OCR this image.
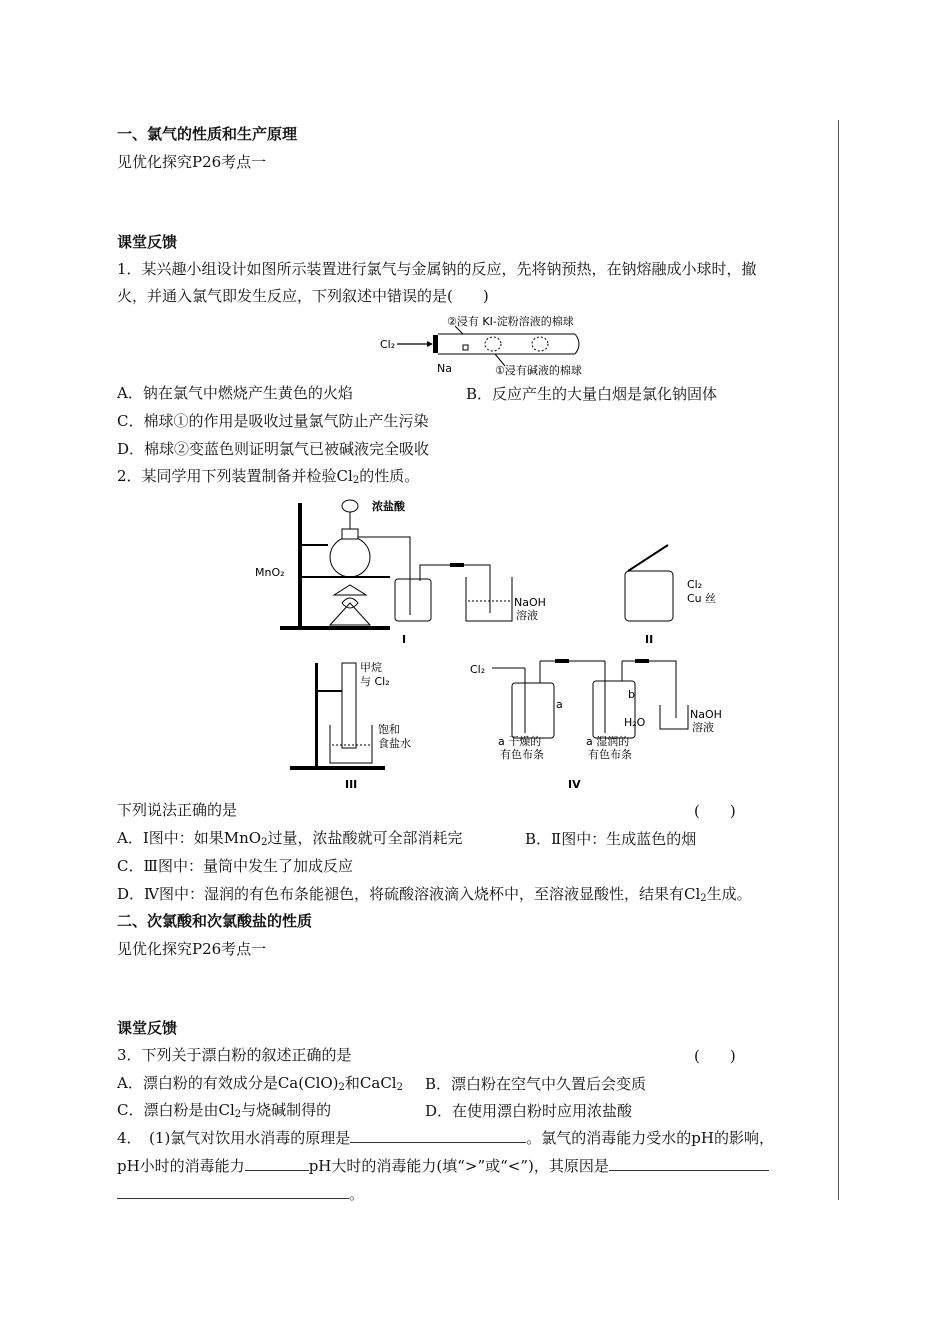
一、氯气的性质和生产原理
见优化探究P26考点一
课堂反馈
1．某兴趣小组设计如图所示装置进行氯气与金属钠的反应，先将钠预热，在钠熔融成小球时，撤
火，并通入氯气即发生反应，下列叙述中错误的是(　　)
Cl₂
②浸有 KI-淀粉溶液的棉球
①浸有碱液的棉球
Na
A．钠在氯气中燃烧产生黄色的火焰	B．反应产生的大量白烟是氯化钠固体
C．棉球①的作用是吸收过量氯气防止产生污染
D．棉球②变蓝色则证明氯气已被碱液完全吸收
2．某同学用下列装置制备并检验$Cl_2$的性质。
MnO₂
浓盐酸
NaOH
溶液
I
Cl₂
Cu 丝
II
甲烷
与 Cl₂
饱和
食盐水
III
Cl₂
a
b
H₂O
NaOH
溶液
a 干燥的
有色布条
a 湿润的
有色布条
IV
下列说法正确的是	(　　)
A．Ⅰ图中：如果MnO$_2$过量，浓盐酸就可全部消耗完	B．Ⅱ图中：生成蓝色的烟
C．Ⅲ图中：量筒中发生了加成反应
D．Ⅳ图中：湿润的有色布条能褪色，将硫酸溶液滴入烧杯中，至溶液显酸性，结果有$Cl_2$生成。
二、次氯酸和次氯酸盐的性质
见优化探究P26考点一
课堂反馈
3．下列关于漂白粉的叙述正确的是	(　　)
A．漂白粉的有效成分是$Ca(ClO)_2$和CaCl$_2$ B．漂白粉在空气中久置后会变质
C．漂白粉是由$Cl_2$与烧碱制得的	D．在使用漂白粉时应用浓盐酸
4．　(1)氯气对饮用水消毒的原理是	。氯气的消毒能力受水的pH的影响，
pH小时的消毒能力	pH大时的消毒能力(填“>”或“<”)，其原因是
。
